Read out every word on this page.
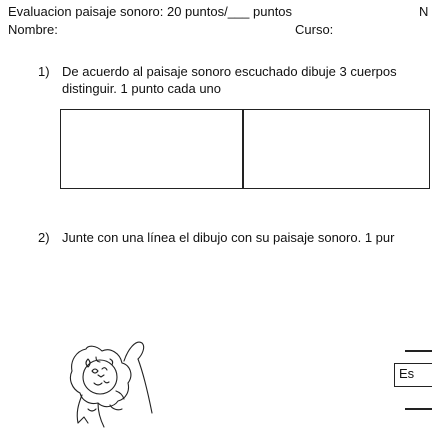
Evaluacion paisaje sonoro: 20 puntos/___ puntos	N
Nombre:	Curso:
1) De acuerdo al paisaje sonoro escuchado dibuje 3 cuerpos
distinguir. 1 punto cada uno
2) Junte con una línea el dibujo con su paisaje sonoro. 1 pur
Es
